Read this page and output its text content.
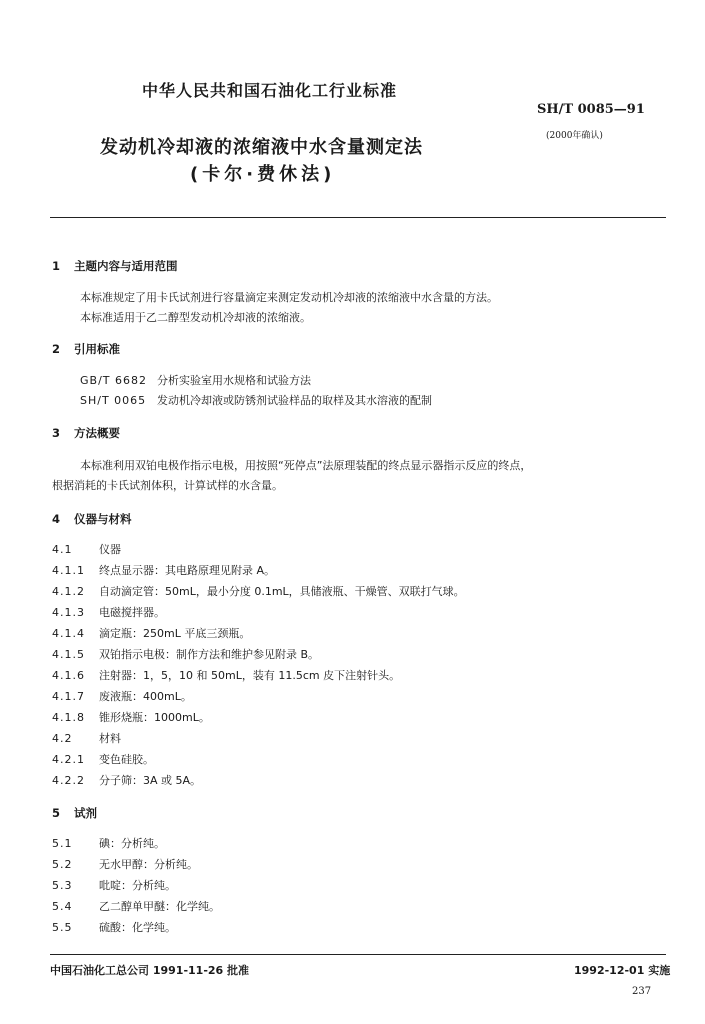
中华人民共和国石油化工行业标准
SH/T 0085—91
(2000年确认)
发动机冷却液的浓缩液中水含量测定法
(卡尔·费休法)
1 主题内容与适用范围
本标准规定了用卡氏试剂进行容量滴定来测定发动机冷却液的浓缩液中水含量的方法。
本标准适用于乙二醇型发动机冷却液的浓缩液。
2 引用标准
GB/T 6682 分析实验室用水规格和试验方法
SH/T 0065 发动机冷却液或防锈剂试验样品的取样及其水溶液的配制
3 方法概要
本标准利用双铂电极作指示电极，用按照“死停点”法原理装配的终点显示器指示反应的终点，
根据消耗的卡氏试剂体积，计算试样的水含量。
4 仪器与材料
4.1 仪器
4.1.1 终点显示器：其电路原理见附录 A。
4.1.2 自动滴定管：50mL，最小分度 0.1mL，具储液瓶、干燥管、双联打气球。
4.1.3 电磁搅拌器。
4.1.4 滴定瓶：250mL 平底三颈瓶。
4.1.5 双铂指示电极：制作方法和维护参见附录 B。
4.1.6 注射器：1，5，10 和 50mL，装有 11.5cm 皮下注射针头。
4.1.7 废液瓶：400mL。
4.1.8 锥形烧瓶：1000mL。
4.2 材料
4.2.1 变色硅胶。
4.2.2 分子筛：3A 或 5A。
5 试剂
5.1 碘：分析纯。
5.2 无水甲醇：分析纯。
5.3 吡啶：分析纯。
5.4 乙二醇单甲醚：化学纯。
5.5 硫酸：化学纯。
中国石油化工总公司 1991-11-26 批准	1992-12-01 实施
237
